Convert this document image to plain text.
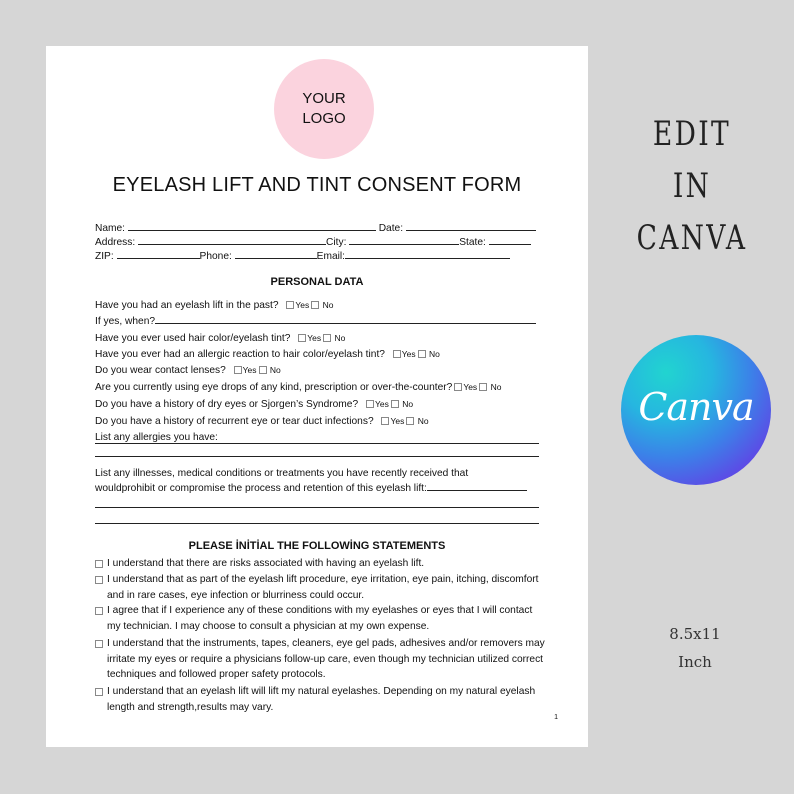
YOUR
LOGO
EYELASH LIFT AND TINT CONSENT FORM
Name:	Date:
Address:	City:	State:
ZIP:	Phone:	Email:
PERSONAL DATA
Have you had an eyelash lift in the past? Yes No
If yes, when?
Have you ever used hair color/eyelash tint? Yes No
Have you ever had an allergic reaction to hair color/eyelash tint? Yes No
Do you wear contact lenses? Yes No
Are you currently using eye drops of any kind, prescription or over-the-counter? Yes No
Do you have a history of dry eyes or Sjorgen’s Syndrome? Yes No
Do you have a history of recurrent eye or tear duct infections? Yes No
List any allergies you have:
List any illnesses, medical conditions or treatments you have recently received that
wouldprohibit or compromise the process and retention of this eyelash lift:
PLEASE İNİTİAL THE FOLLOWİNG STATEMENTS
I understand that there are risks associated with having an eyelash lift.
I understand that as part of the eyelash lift procedure, eye irritation, eye pain, itching, discomfort and in rare cases, eye infection or blurriness could occur.
I agree that if I experience any of these conditions with my eyelashes or eyes that I will contact my technician. I may choose to consult a physician at my own expense.
I understand that the instruments, tapes, cleaners, eye gel pads, adhesives and/or removers may irritate my eyes or require a physicians follow-up care, even though my technician utilized correct techniques and followed proper safety protocols.
I understand that an eyelash lift will lift my natural eyelashes. Depending on my natural eyelash length and strength,results may vary.
1
EDIT IN
CANVA
Canva
8.5x11
Inch
